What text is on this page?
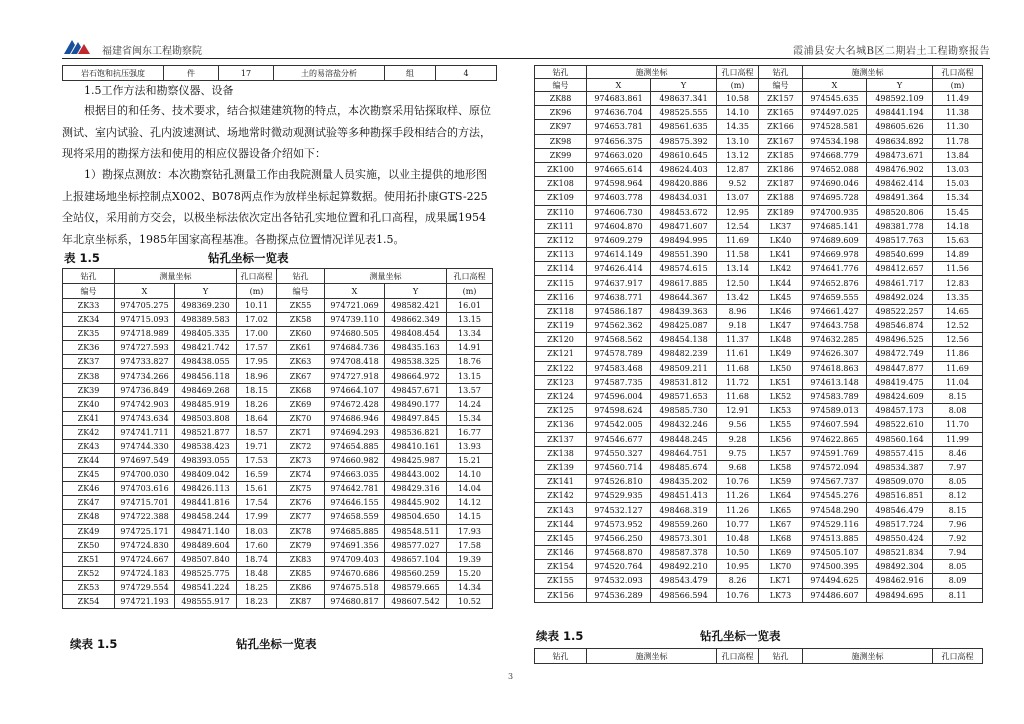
福建省闽东工程勘察院	霞浦县安大名城B区二期岩土工程勘察报告
岩石饱和抗压强度	件	17	土的易溶盐分析	组	4
1.5工作方法和勘察仪器、设备
根据目的和任务、技术要求，结合拟建建筑物的特点，本次勘察采用钻探取样、原位测试、室内试验、孔内波速测试、场地常时微动观测试验等多种勘探手段相结合的方法，现将采用的勘探方法和使用的相应仪器设备介绍如下：
1）勘探点测放：本次勘察钻孔测量工作由我院测量人员实施，以业主提供的地形图上报建场地坐标控制点X002、B078两点作为放样坐标起算数据。使用拓扑康GTS-225全站仪，采用前方交会，以极坐标法依次定出各钻孔实地位置和孔口高程，成果属1954年北京坐标系，1985年国家高程基准。各勘探点位置情况详见表1.5。
表 1.5	钻孔坐标一览表
钻孔	测量坐标		孔口高程	钻孔	测量坐标		孔口高程
编号	X	Y	(m)	编号	X	Y	(m)
ZK33	974705.275	498369.230	10.11	ZK55	974721.069	498582.421	16.01
ZK34	974715.093	498389.583	17.02	ZK58	974739.110	498662.349	13.15
ZK35	974718.989	498405.335	17.00	ZK60	974680.505	498408.454	13.34
ZK36	974727.593	498421.742	17.57	ZK61	974684.736	498435.163	14.91
ZK37	974733.827	498438.055	17.95	ZK63	974708.418	498538.325	18.76
ZK38	974734.266	498456.118	18.96	ZK67	974727.918	498664.972	13.15
ZK39	974736.849	498469.268	18.15	ZK68	974664.107	498457.671	13.57
ZK40	974742.903	498485.919	18.26	ZK69	974672.428	498490.177	14.24
ZK41	974743.634	498503.808	18.64	ZK70	974686.946	498497.845	15.34
ZK42	974741.711	498521.877	18.57	ZK71	974694.293	498536.821	16.77
ZK43	974744.330	498538.423	19.71	ZK72	974654.885	498410.161	13.93
ZK44	974697.549	498393.055	17.53	ZK73	974660.982	498425.987	15.21
ZK45	974700.030	498409.042	16.59	ZK74	974663.035	498443.002	14.10
ZK46	974703.616	498426.113	15.61	ZK75	974642.781	498429.316	14.04
ZK47	974715.701	498441.816	17.54	ZK76	974646.155	498445.902	14.12
ZK48	974722.388	498458.244	17.99	ZK77	974658.559	498504.650	14.15
ZK49	974725.171	498471.140	18.03	ZK78	974685.885	498548.511	17.93
ZK50	974724.830	498489.604	17.60	ZK79	974691.356	498577.027	17.58
ZK51	974724.667	498507.840	18.74	ZK83	974709.403	498657.104	19.39
ZK52	974724.183	498525.775	18.48	ZK85	974670.686	498560.259	15.20
ZK53	974729.554	498541.224	18.25	ZK86	974675.518	498579.665	14.34
ZK54	974721.193	498555.917	18.23	ZK87	974680.817	498607.542	10.52
续表 1.5	钻孔坐标一览表
钻孔	施测坐标		孔口高程	钻孔	施测坐标		孔口高程
编号	X	Y	(m)	编号	X	Y	(m)
ZK88	974683.861	498637.341	10.58	ZK157	974545.635	498592.109	11.49
ZK96	974636.704	498525.555	14.10	ZK165	974497.025	498441.194	11.38
ZK97	974653.781	498561.635	14.35	ZK166	974528.581	498605.626	11.30
ZK98	974656.375	498575.392	13.10	ZK167	974534.198	498634.892	11.78
ZK99	974663.020	498610.645	13.12	ZK185	974668.779	498473.671	13.84
ZK100	974665.614	498624.403	12.87	ZK186	974652.088	498476.902	13.03
ZK108	974598.964	498420.886	9.52	ZK187	974690.046	498462.414	15.03
ZK109	974603.778	498434.031	13.07	ZK188	974695.728	498491.364	15.34
ZK110	974606.730	498453.672	12.95	ZK189	974700.935	498520.806	15.45
ZK111	974604.870	498471.607	12.54	LK37	974685.141	498381.778	14.18
ZK112	974609.279	498494.995	11.69	LK40	974689.609	498517.763	15.63
ZK113	974614.149	498551.390	11.58	LK41	974669.978	498540.699	14.89
ZK114	974626.414	498574.615	13.14	LK42	974641.776	498412.657	11.56
ZK115	974637.917	498617.885	12.50	LK44	974652.876	498461.717	12.83
ZK116	974638.771	498644.367	13.42	LK45	974659.555	498492.024	13.35
ZK118	974586.187	498439.363	8.96	LK46	974661.427	498522.257	14.65
ZK119	974562.362	498425.087	9.18	LK47	974643.758	498546.874	12.52
ZK120	974568.562	498454.138	11.37	LK48	974632.285	498496.525	12.56
ZK121	974578.789	498482.239	11.61	LK49	974626.307	498472.749	11.86
ZK122	974583.468	498509.211	11.68	LK50	974618.863	498447.877	11.69
ZK123	974587.735	498531.812	11.72	LK51	974613.148	498419.475	11.04
ZK124	974596.004	498571.653	11.68	LK52	974583.789	498424.609	8.15
ZK125	974598.624	498585.730	12.91	LK53	974589.013	498457.173	8.08
ZK136	974542.005	498432.246	9.56	LK55	974607.594	498522.610	11.70
ZK137	974546.677	498448.245	9.28	LK56	974622.865	498560.164	11.99
ZK138	974550.327	498464.751	9.75	LK57	974591.769	498557.415	8.46
ZK139	974560.714	498485.674	9.68	LK58	974572.094	498534.387	7.97
ZK141	974526.810	498435.202	10.76	LK59	974567.737	498509.070	8.05
ZK142	974529.935	498451.413	11.26	LK64	974545.276	498516.851	8.12
ZK143	974532.127	498468.319	11.26	LK65	974548.290	498546.479	8.15
ZK144	974573.952	498559.260	10.77	LK67	974529.116	498517.724	7.96
ZK145	974566.250	498573.301	10.48	LK68	974513.885	498550.424	7.92
ZK146	974568.870	498587.378	10.50	LK69	974505.107	498521.834	7.94
ZK154	974520.764	498492.210	10.95	LK70	974500.395	498492.304	8.05
ZK155	974532.093	498543.479	8.26	LK71	974494.625	498462.916	8.09
ZK156	974536.289	498566.594	10.76	LK73	974486.607	498494.695	8.11
续表 1.5	钻孔坐标一览表
钻孔	施测坐标	孔口高程	钻孔	施测坐标	孔口高程
3
